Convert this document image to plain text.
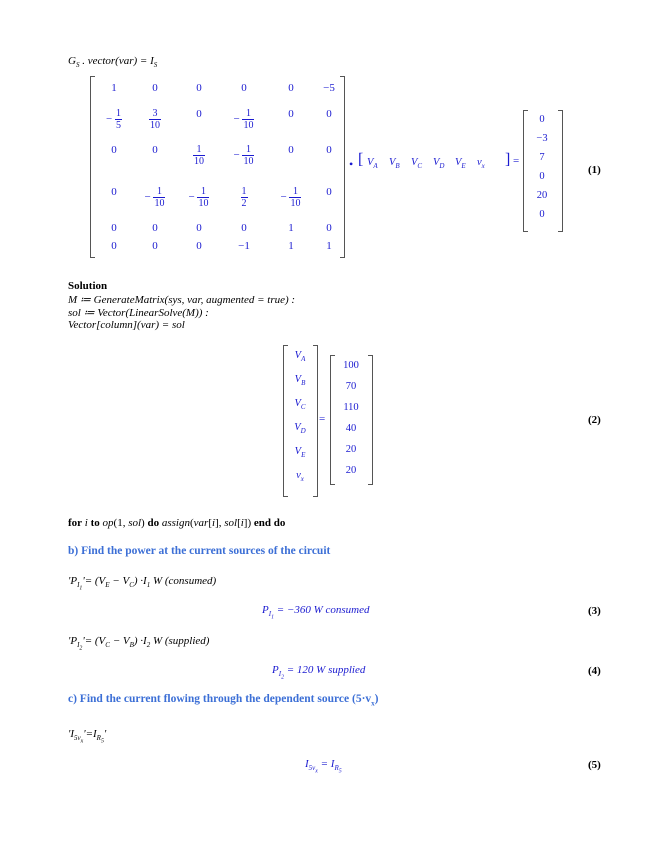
$G_S$ . vector(var) = $I_S$
1	0	0	0	0	−5
− $\frac{1}{5}$	$\frac{3}{10}$	0	− $\frac{1}{10}$	0	0
0	0	$\frac{1}{10}$	− $\frac{1}{10}$	0	0
0	− $\frac{1}{10}$	− $\frac{1}{10}$	$\frac{1}{2}$	− $\frac{1}{10}$	0
0	0	0	0	1	0
0	0	0	−1	1	1
• [ $V_A$ $V_B$ $V_C$ $V_D$ $V_E$ $v_x$ ] =
0
−3
7
0
20
0
(1)
Solution
M ≔ GenerateMatrix(sys, var, augmented = true) :
sol ≔ Vector(LinearSolve(M)) :
Vector[column](var) = sol
$V_A$
$V_B$
$V_C$
$V_D$
$V_E$
$v_x$
=
100
70
110
40
20
20
(2)
for i to op(1, sol) do assign(var[i], sol[i]) end do
b) Find the power at the current sources of the circuit
'$P_{I_1}'= (V_E - V_C) \cdot I_1$ W (consumed)
$P_{I_1} = -360$ W consumed	(3)
'$P_{I_2}'= (V_C - V_B) \cdot I_2$ W (supplied)
$P_{I_2} = 120$ W supplied	(4)
c) Find the current flowing through the dependent source $(5\cdot v_x)$
'$I_{5v_x}'=I_{R_5}$'
$I_{5v_x} = I_{R_5}$
(5)
